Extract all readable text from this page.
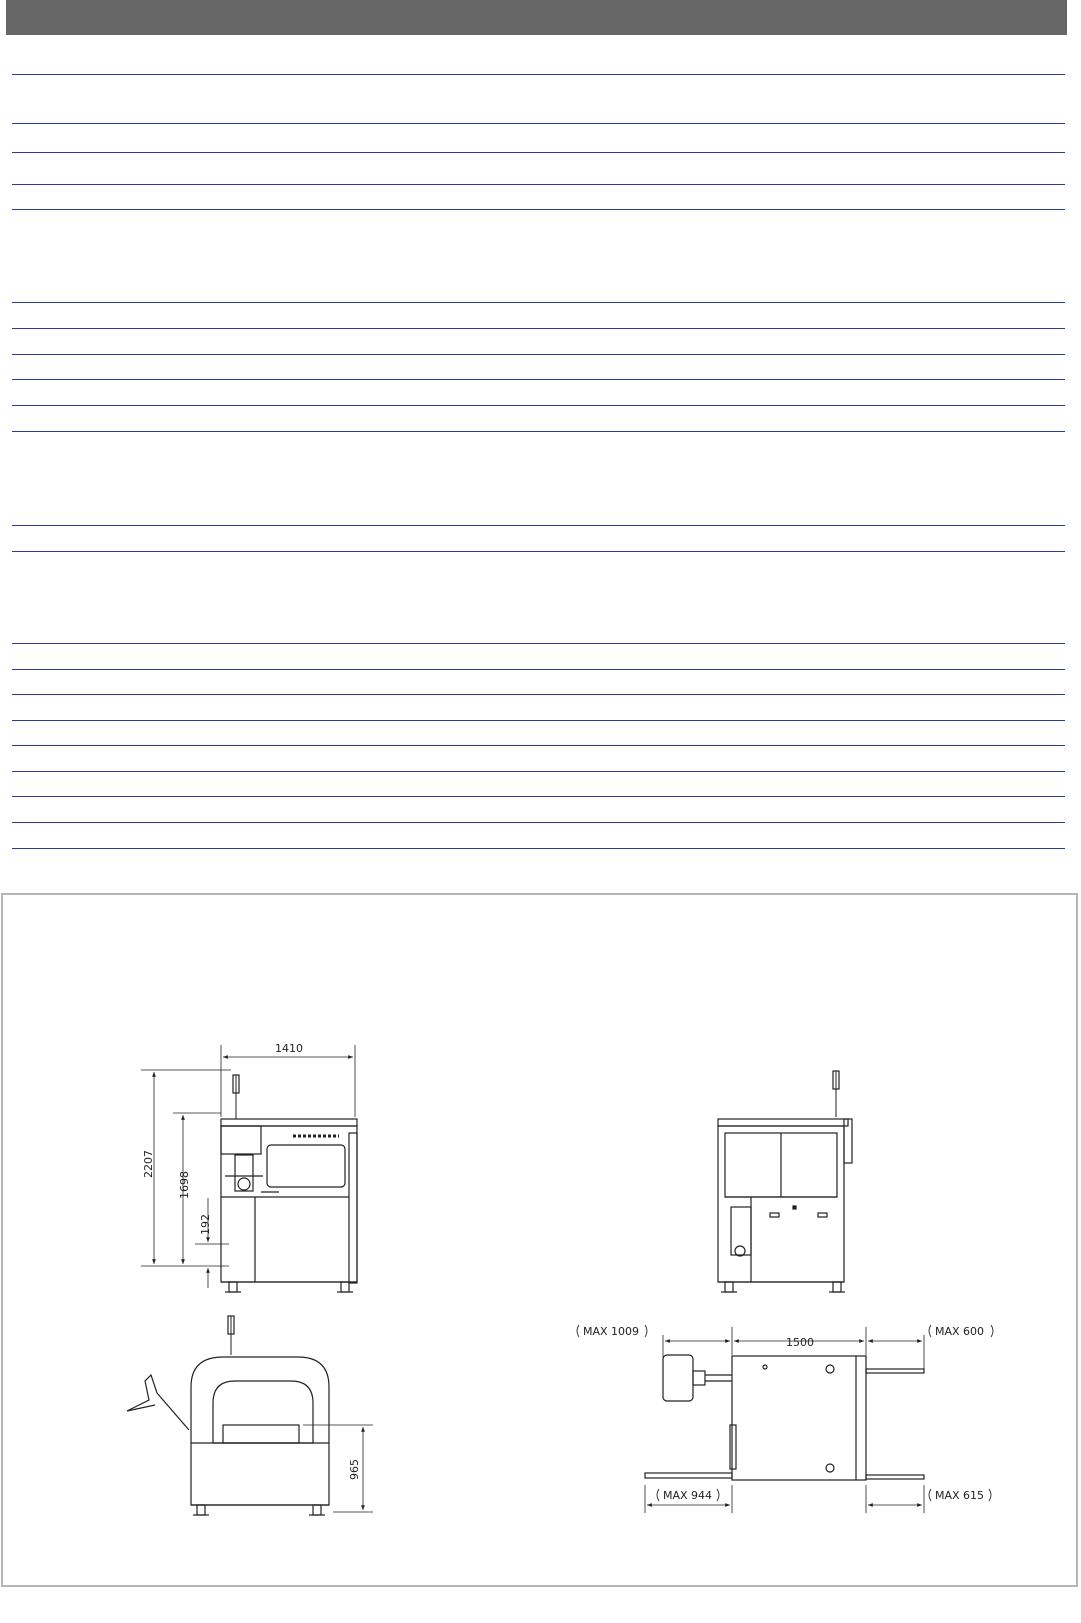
1410
2207
1698
192
965
1500
MAX 1009	MAX 600
MAX 944	MAX 615
